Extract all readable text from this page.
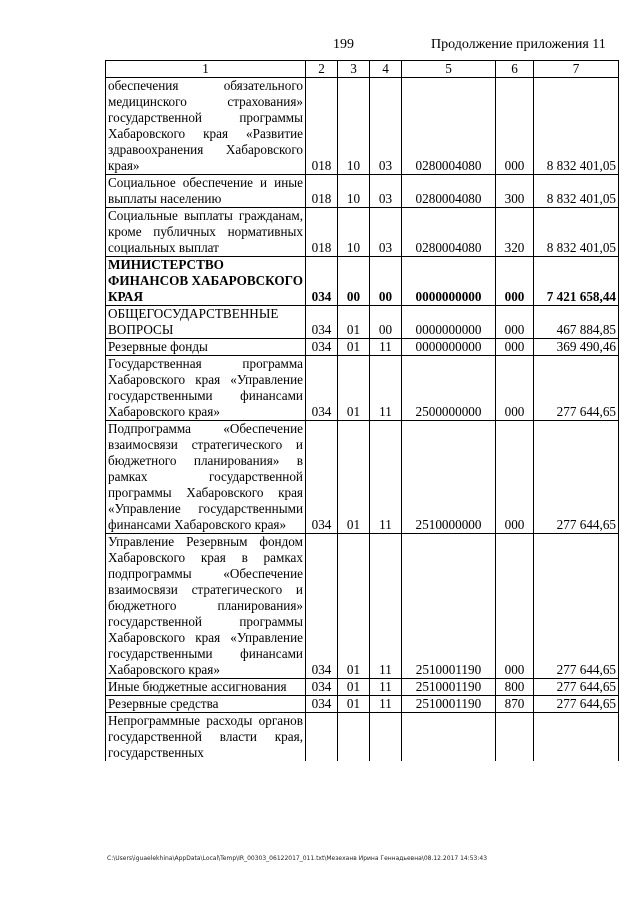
199	Продолжение приложения 11
1	2	3	4	5	6	7
обеспечения обязательного медицинского страхования» государственной программы Хабаровского края «Развитие здравоохранения Хабаровского края»	018	10	03	0280004080	000	8 832 401,05
Социальное обеспечение и иные выплаты населению	018	10	03	0280004080	300	8 832 401,05
Социальные выплаты гражданам, кроме публичных нормативных социальных выплат	018	10	03	0280004080	320	8 832 401,05
МИНИСТЕРСТВО ФИНАНСОВ ХАБАРОВСКОГО КРАЯ	034	00	00	0000000000	000	7 421 658,44
ОБЩЕГОСУДАРСТВЕННЫЕ ВОПРОСЫ	034	01	00	0000000000	000	467 884,85
Резервные фонды	034	01	11	0000000000	000	369 490,46
Государственная программа Хабаровского края «Управление государственными финансами Хабаровского края»	034	01	11	2500000000	000	277 644,65
Подпрограмма «Обеспечение взаимосвязи стратегического и бюджетного планирования» в рамках государственной программы Хабаровского края «Управление государственными финансами Хабаровского края»	034	01	11	2510000000	000	277 644,65
Управление Резервным фондом Хабаровского края в рамках подпрограммы «Обеспечение взаимосвязи стратегического и бюджетного планирования» государственной программы Хабаровского края «Управление государственными финансами Хабаровского края»	034	01	11	2510001190	000	277 644,65
Иные бюджетные ассигнования	034	01	11	2510001190	800	277 644,65
Резервные средства	034	01	11	2510001190	870	277 644,65
Непрограммные расходы органов государственной власти края, государственных						
C:\Users\iguaelekhina\AppData\Local\Temp\IR_00303_06122017_011.txt\Мезеханв Ирина Геннадьевна\08.12.2017 14:53:43
